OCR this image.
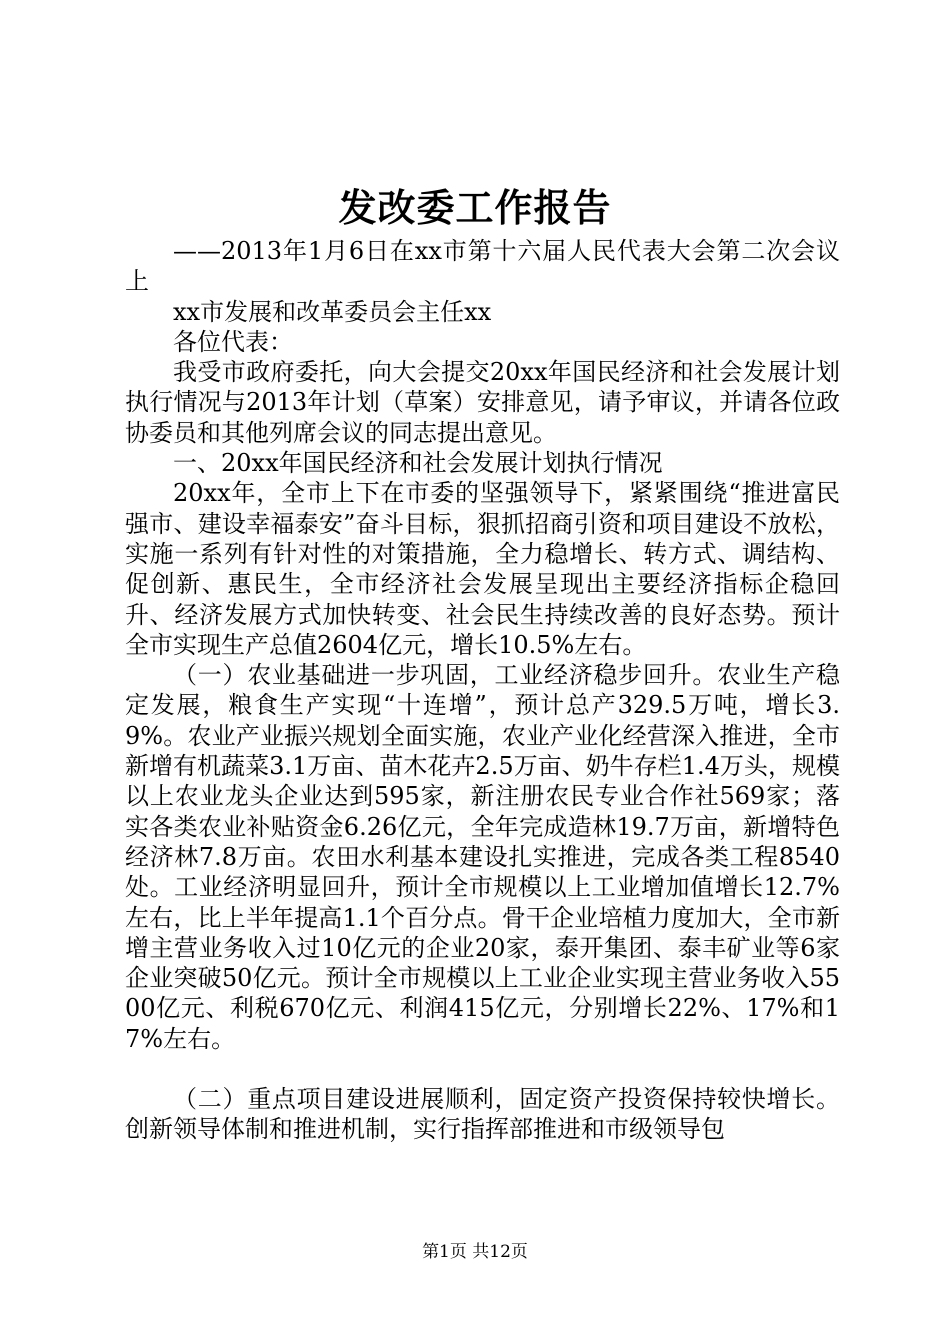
发改委工作报告

——2013年1月6日在xx市第十六届人民代表大会第二次会议上

xx市发展和改革委员会主任xx

各位代表：

我受市政府委托，向大会提交20xx年国民经济和社会发展计划执行情况与2013年计划（草案）安排意见，请予审议，并请各位政协委员和其他列席会议的同志提出意见。

一、20xx年国民经济和社会发展计划执行情况

20xx年，全市上下在市委的坚强领导下，紧紧围绕“推进富民强市、建设幸福泰安”奋斗目标，狠抓招商引资和项目建设不放松，实施一系列有针对性的对策措施，全力稳增长、转方式、调结构、促创新、惠民生，全市经济社会发展呈现出主要经济指标企稳回升、经济发展方式加快转变、社会民生持续改善的良好态势。预计全市实现生产总值2604亿元，增长10.5%左右。

（一）农业基础进一步巩固，工业经济稳步回升。农业生产稳定发展，粮食生产实现“十连增”，预计总产329.5万吨，增长3.9%。农业产业振兴规划全面实施，农业产业化经营深入推进，全市新增有机蔬菜3.1万亩、苗木花卉2.5万亩、奶牛存栏1.4万头，规模以上农业龙头企业达到595家，新注册农民专业合作社569家；落实各类农业补贴资金6.26亿元，全年完成造林19.7万亩，新增特色经济林7.8万亩。农田水利基本建设扎实推进，完成各类工程8540处。工业经济明显回升，预计全市规模以上工业增加值增长12.7%左右，比上半年提高1.1个百分点。骨干企业培植力度加大，全市新增主营业务收入过10亿元的企业20家，泰开集团、泰丰矿业等6家企业突破50亿元。预计全市规模以上工业企业实现主营业务收入5500亿元、利税670亿元、利润415亿元，分别增长22%、17%和17%左右。

（二）重点项目建设进展顺利，固定资产投资保持较快增长。创新领导体制和推进机制，实行指挥部推进和市级领导包

第1页 共12页
